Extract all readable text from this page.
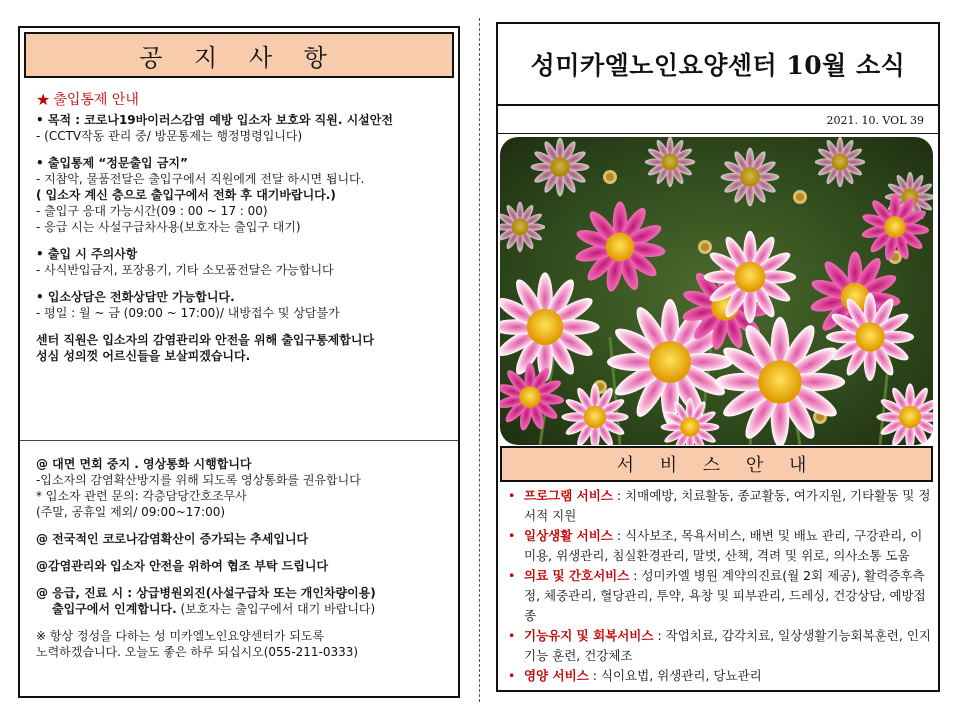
공 지 사 항
★ 출입통제 안내
• 목적 : 코로나19바이러스감염 예방 입소자 보호와 직원. 시설안전
- (CCTV작동 관리 중/ 방문통제는 행정명령입니다)
• 출입통제 “정문출입 금지”
- 지참악, 물품전달은 출입구에서 직원에게 전달 하시면 됩니다.
( 입소자 계신 층으로 출입구에서 전화 후 대기바랍니다.)
- 출입구 응대 가능시간(09 : 00 ~ 17 : 00)
- 응급 시는 사설구급차사용(보호자는 출입구 대기)
• 출입 시 주의사항
- 사식반입금지, 포장용기, 기타 소모품전달은 가능합니다
• 입소상담은 전화상담만 가능합니다.
- 평일 : 월 ~ 금 (09:00 ~ 17:00)/ 내방접수 및 상담불가
센터 직원은 입소자의 감염관리와 안전을 위해 출입구통제합니다
성심 성의껏 어르신들을 보살피겠습니다.
@ 대면 면회 중지 . 영상통화 시행합니다
-입소자의 감염확산방지를 위해 되도록 영상통화를 권유합니다
* 입소자 관련 문의: 각층담당간호조무사
(주말, 공휴일 제외/ 09:00~17:00)
@ 전국적인 코로나감염확산이 증가되는 추세입니다
@감염관리와 입소자 안전을 위하여 협조 부탁 드립니다
@ 응급, 진료 시 : 상급병원외진(사설구급차 또는 개인차량이용)
출입구에서 인계합니다. (보호자는 출입구에서 대기 바랍니다)
※ 항상 정성을 다하는 성 미카엘노인요양센터가 되도록
노력하겠습니다. 오늘도 좋은 하루 되십시오(055-211-0333)
성미카엘노인요양센터 10월 소식
2021. 10. VOL 39
서 비 스 안 내
• 프로그램 서비스 : 치매예방, 치료활동, 종교활동, 여가지원, 기타활동 및 정서적 지원
• 일상생활 서비스 : 식사보조, 목욕서비스, 배변 및 배뇨 관리, 구강관리, 이미용, 위생관리, 침실환경관리, 말벗, 산책, 격려 및 위로, 의사소통 도움
• 의료 및 간호서비스 : 성미카엘 병원 계약의진료(월 2회 제공), 활력증후측정, 체중관리, 혈당관리, 투약, 욕창 및 피부관리, 드레싱, 건강상담, 예방접종
• 기능유지 및 회복서비스 : 작업치료, 감각치료, 일상생활기능회복훈련, 인지 기능 훈련, 건강체조
• 영양 서비스 : 식이요법, 위생관리, 당뇨관리
